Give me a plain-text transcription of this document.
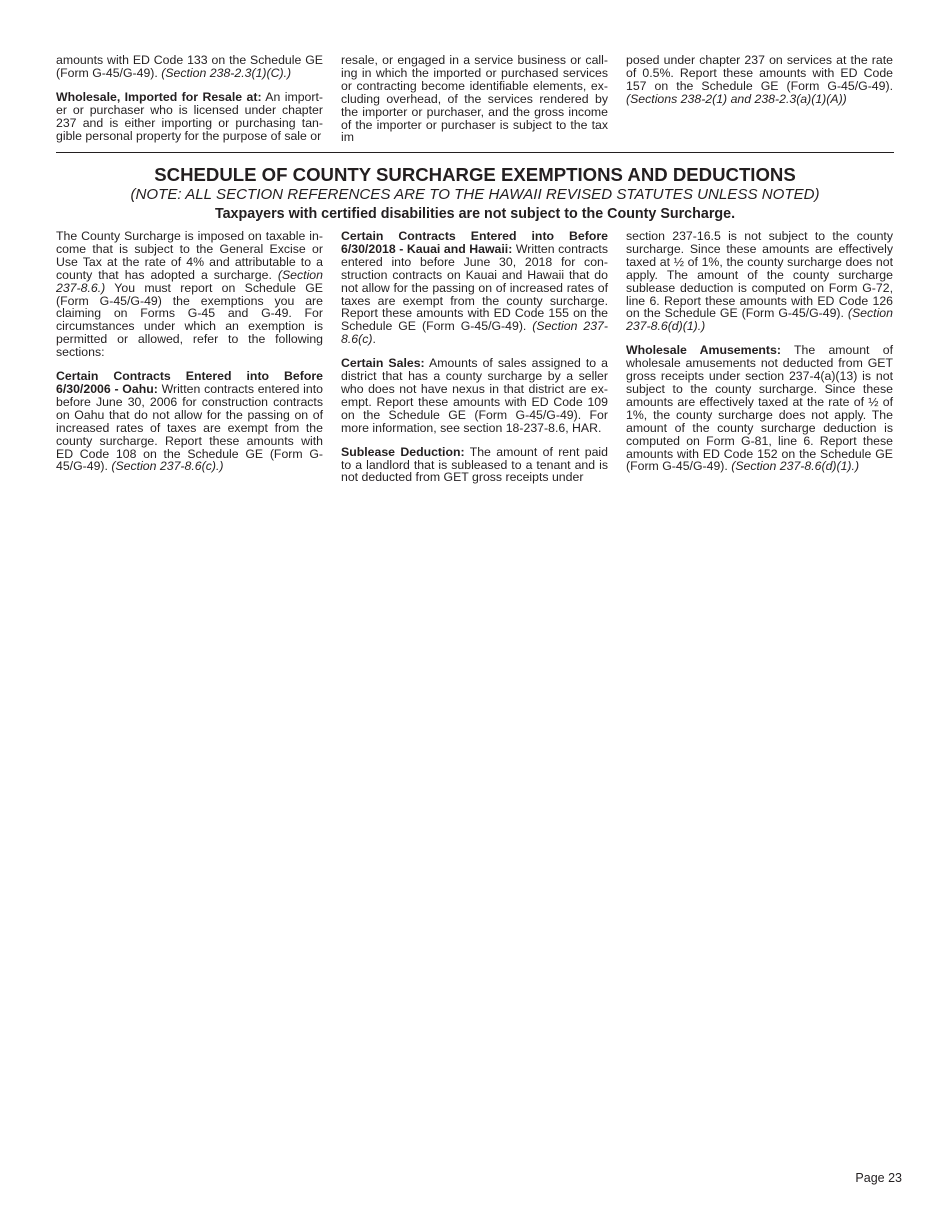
amounts with ED Code 133 on the Schedule GE (Form G-45/G-49). (Section 238-2.3(1)(C).)

Wholesale, Imported for Resale at: An importer or purchaser who is licensed under chapter 237 and is either importing or purchasing tangible personal property for the purpose of sale or

resale, or engaged in a service business or calling in which the imported or purchased services or contracting become identifiable elements, excluding overhead, of the services rendered by the importer or purchaser, and the gross income of the importer or purchaser is subject to the tax im

posed under chapter 237 on services at the rate of 0.5%. Report these amounts with ED Code 157 on the Schedule GE (Form G-45/G-49). (Sections 238-2(1) and 238-2.3(a)(1)(A))

SCHEDULE OF COUNTY SURCHARGE EXEMPTIONS AND DEDUCTIONS

(NOTE: ALL SECTION REFERENCES ARE TO THE HAWAII REVISED STATUTES UNLESS NOTED)

Taxpayers with certified disabilities are not subject to the County Surcharge.

The County Surcharge is imposed on taxable income that is subject to the General Excise or Use Tax at the rate of 4% and attributable to a county that has adopted a surcharge. (Section 237-8.6.) You must report on Schedule GE (Form G-45/G-49) the exemptions you are claiming on Forms G-45 and G-49. For circumstances under which an exemption is permitted or allowed, refer to the following sections:

Certain Contracts Entered into Before 6/30/2006 - Oahu: Written contracts entered into before June 30, 2006 for construction contracts on Oahu that do not allow for the passing on of increased rates of taxes are exempt from the county surcharge. Report these amounts with ED Code 108 on the Schedule GE (Form G-45/G-49). (Section 237-8.6(c).)

Certain Contracts Entered into Before 6/30/2018 - Kauai and Hawaii: Written contracts entered into before June 30, 2018 for construction contracts on Kauai and Hawaii that do not allow for the passing on of increased rates of taxes are exempt from the county surcharge. Report these amounts with ED Code 155 on the Schedule GE (Form G-45/G-49). (Section 237-8.6(c).

Certain Sales: Amounts of sales assigned to a district that has a county surcharge by a seller who does not have nexus in that district are exempt. Report these amounts with ED Code 109 on the Schedule GE (Form G-45/G-49). For more information, see section 18-237-8.6, HAR.

Sublease Deduction: The amount of rent paid to a landlord that is subleased to a tenant and is not deducted from GET gross receipts under

section 237-16.5 is not subject to the county surcharge. Since these amounts are effectively taxed at ½ of 1%, the county surcharge does not apply. The amount of the county surcharge sublease deduction is computed on Form G-72, line 6. Report these amounts with ED Code 126 on the Schedule GE (Form G-45/G-49). (Section 237-8.6(d)(1).)

Wholesale Amusements: The amount of wholesale amusements not deducted from GET gross receipts under section 237-4(a)(13) is not subject to the county surcharge. Since these amounts are effectively taxed at the rate of ½ of 1%, the county surcharge does not apply. The amount of the county surcharge deduction is computed on Form G-81, line 6. Report these amounts with ED Code 152 on the Schedule GE (Form G-45/G-49). (Section 237-8.6(d)(1).)

Page 23
